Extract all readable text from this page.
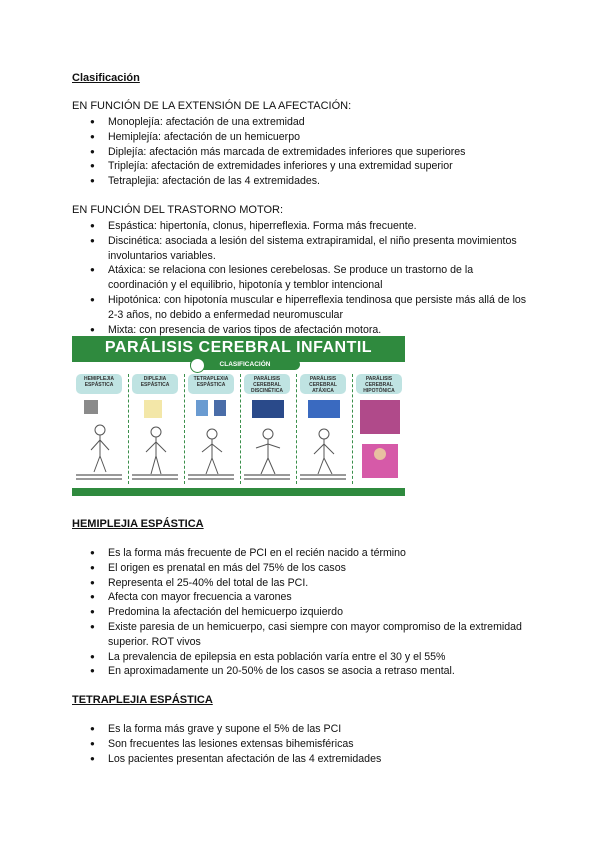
Clasificación
EN FUNCIÓN DE LA EXTENSIÓN DE LA AFECTACIÓN:
● Monoplejía: afectación de una extremidad
● Hemiplejía: afectación de un hemicuerpo
● Diplejía: afectación más marcada de extremidades inferiores que superiores
● Triplejía: afectación de extremidades inferiores y una extremidad superior
● Tetraplejia: afectación de las 4 extremidades.
EN FUNCIÓN DEL TRASTORNO MOTOR:
● Espástica: hipertonía, clonus, hiperreflexia. Forma más frecuente.
● Discinética: asociada a lesión del sistema extrapiramidal, el niño presenta movimientos involuntarios variables.
● Atáxica: se relaciona con lesiones cerebelosas. Se produce un trastorno de la coordinación y el equilibrio, hipotonía y temblor intencional
● Hipotónica: con hipotonía muscular e hiperreflexia tendinosa que persiste más allá de los 2-3 años, no debido a enfermedad neuromuscular
● Mixta: con presencia de varios tipos de afectación motora.
PARÁLISIS CEREBRAL INFANTIL
CLASIFICACIÓN
HEMIPLEJIA ESPÁSTICA
DIPLEJIA ESPÁSTICA
TETRAPLEXIA ESPÁSTICA
PARÁLISIS CEREBRAL DISCINÉTICA
PARÁLISIS CEREBRAL ATÁXICA
PARÁLISIS CEREBRAL HIPOTÓNICA
HEMIPLEJIA ESPÁSTICA
● Es la forma más frecuente de PCI en el recién nacido a término
● El origen es prenatal en más del 75% de los casos
● Representa el 25-40% del total de las PCI.
● Afecta con mayor frecuencia a varones
● Predomina la afectación del hemicuerpo izquierdo
● Existe paresia de un hemicuerpo, casi siempre con mayor compromiso de la extremidad superior. ROT vivos
● La prevalencia de epilepsia en esta población varía entre el 30 y el 55%
● En aproximadamente un 20-50% de los casos se asocia a retraso mental.
TETRAPLEJIA ESPÁSTICA
● Es la forma más grave y supone el 5% de las PCI
● Son frecuentes las lesiones extensas bihemisféricas
● Los pacientes presentan afectación de las 4 extremidades
